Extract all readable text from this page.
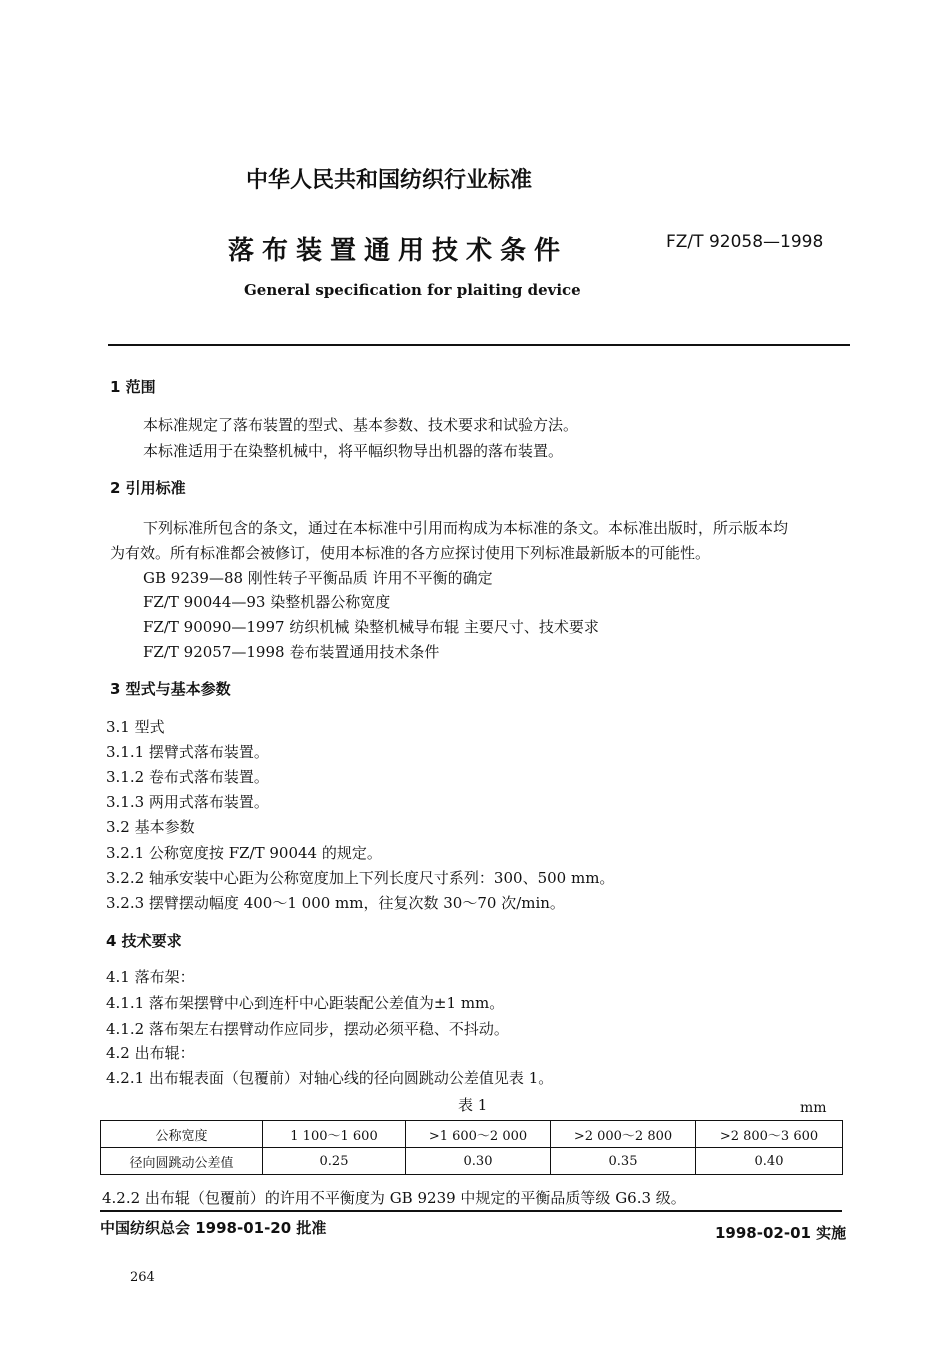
中华人民共和国纺织行业标准
落布装置通用技术条件	FZ/T 92058—1998
General specification for plaiting device
1 范围
本标准规定了落布装置的型式、基本参数、技术要求和试验方法。
本标准适用于在染整机械中，将平幅织物导出机器的落布装置。
2 引用标准
下列标准所包含的条文，通过在本标准中引用而构成为本标准的条文。本标准出版时，所示版本均
为有效。所有标准都会被修订，使用本标准的各方应探讨使用下列标准最新版本的可能性。
GB 9239—88 刚性转子平衡品质 许用不平衡的确定
FZ/T 90044—93 染整机器公称宽度
FZ/T 90090—1997 纺织机械 染整机械导布辊 主要尺寸、技术要求
FZ/T 92057—1998 卷布装置通用技术条件
3 型式与基本参数
3.1 型式
3.1.1 摆臂式落布装置。
3.1.2 卷布式落布装置。
3.1.3 两用式落布装置。
3.2 基本参数
3.2.1 公称宽度按 FZ/T 90044 的规定。
3.2.2 轴承安装中心距为公称宽度加上下列长度尺寸系列：300、500 mm。
3.2.3 摆臂摆动幅度 400～1 000 mm，往复次数 30～70 次/min。
4 技术要求
4.1 落布架：
4.1.1 落布架摆臂中心到连杆中心距装配公差值为±1 mm。
4.1.2 落布架左右摆臂动作应同步，摆动必须平稳、不抖动。
4.2 出布辊：
4.2.1 出布辊表面（包覆前）对轴心线的径向圆跳动公差值见表 1。
表 1	mm
公称宽度	1 100～1 600	>1 600～2 000	>2 000～2 800	>2 800～3 600
径向圆跳动公差值	0.25	0.30	0.35	0.40
4.2.2 出布辊（包覆前）的许用不平衡度为 GB 9239 中规定的平衡品质等级 G6.3 级。
中国纺织总会 1998-01-20 批准	1998-02-01 实施
264
